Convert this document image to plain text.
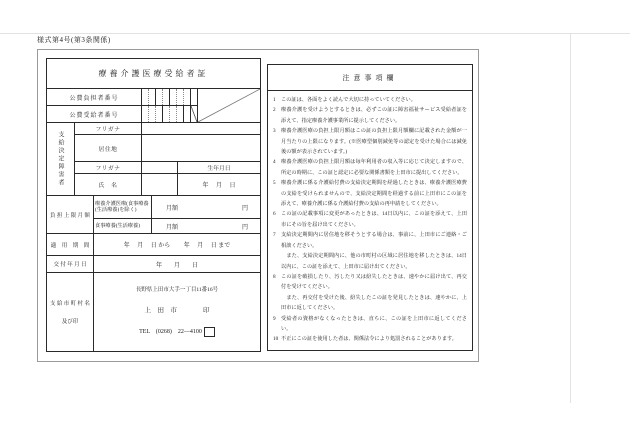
様式第4号(第3条関係)
療養介護医療受給者証
公費負担者番号
公費受給者番号
支給決定障害者
フリガナ
居住地
フリガナ	生年月日
氏　名	年　 月　 日
負 担 上 限 月 額
療養介護医療(食事療養(生活療養)を除く)	月額	円
食事療養(生活療養)	月額	円
適　用　期　間	年　 月　 日 から　　 年　 月　 日 まで
交 付 年 月 日	年　　月　　日
支 給 市 町 村 名
及び印
長野県上田市大手一丁目11番16号
上　田　市　　　　印
TEL　(0268)　22―4100
注意事項欄

1	この証は、各面をよく読んで大切に持っていてください。

2	療養介護を受けようとするときは、必ずこの証に障害福祉サービス受給者証を添えて、指定療養介護事業所に提示してください。

3	療養介護医療の負担上限月額はこの証の負担上限月額欄に記載された金額が一月当たりの上限になります。(※医療型個別減免等の認定を受けた場合には減免後の額が表示されています。)

4	療養介護医療の負担上限月額は毎年利用者の収入等に応じて決定しますので、所定の時期に、この証と認定に必要な関係書類を上田市に提出してください。

5	療養介護に係る介護給付費の支給決定期間を経過したときは、療養介護医療費の支給を受けられませんので、支給決定期間を経過する前に上田市にこの証を添えて、療養介護に係る介護給付費の支給の再申請をしてください。

6	この証の記載事項に変更があったときは、14日以内に、この証を添えて、上田市にその旨を届け出てください。

7	支給決定期間内に居住地を移そうとする場合は、事前に、上田市にご連絡・ご相談ください。

　また、支給決定期間内に、他の市町村の区域に居住地を移したときは、14日以内に、この証を添えて、上田市に届け出てください。

8	この証を破損したり、汚したり又は紛失したときは、速やかに届け出て、再交付を受けてください。

　また、再交付を受けた後、紛失したこの証を発見したときは、速やかに、上田市に返してください。

9	受給者の資格がなくなったときは、直ちに、この証を上田市に返してください。

10 不正にこの証を使用した者は、関係法令により処罰されることがあります。
